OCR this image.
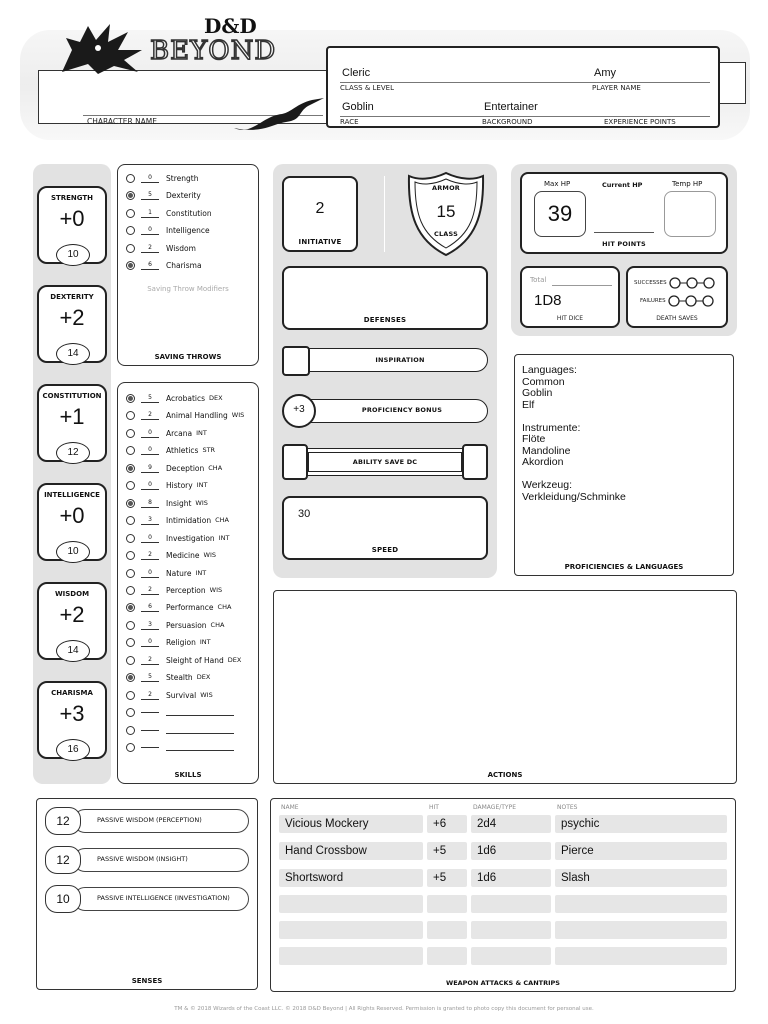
CHARACTER NAME
D&D
BEYOND
Cleric
CLASS & LEVEL
Amy
PLAYER NAME
Goblin
RACE
Entertainer
BACKGROUND	EXPERIENCE POINTS
STRENGTH
+0
10
DEXTERITY
+2
14
CONSTITUTION
+1
12
INTELLIGENCE
+0
10
WISDOM
+2
14
CHARISMA
+3
16
0	Strength
5	Dexterity
1	Constitution
0	Intelligence
2	Wisdom
6	Charisma
Saving Throw Modifiers
SAVING THROWS
5	Acrobatics DEX
2	Animal Handling WIS
0	Arcana INT
0	Athletics STR
9	Deception CHA
0	History INT
8	Insight WIS
3	Intimidation CHA
0	Investigation INT
2	Medicine WIS
0	Nature INT
2	Perception WIS
6	Performance CHA
3	Persuasion CHA
0	Religion INT
2	Sleight of Hand DEX
5	Stealth DEX
2	Survival WIS
SKILLS
2
INITIATIVE
ARMOR
15
CLASS
DEFENSES
INSPIRATION
+3	PROFICIENCY BONUS
ABILITY SAVE DC
30
SPEED
Max HP	Current HP	Temp HP
39
HIT POINTS
Total
1D8
HIT DICE
SUCCESSES
FAILURES
DEATH SAVES
Languages:
Common
Goblin
Elf
Instrumente:
Flöte
Mandoline
Akordion
Werkzeug:
Verkleidung/Schminke
PROFICIENCIES & LANGUAGES
ACTIONS
12	PASSIVE WISDOM (PERCEPTION)
12	PASSIVE WISDOM (INSIGHT)
10	PASSIVE INTELLIGENCE (INVESTIGATION)
SENSES
NAME	HIT	DAMAGE/TYPE	NOTES
Vicious Mockery	+6	2d4	psychic
Hand Crossbow	+5	1d6	Pierce
Shortsword	+5	1d6	Slash
WEAPON ATTACKS & CANTRIPS
TM & © 2018 Wizards of the Coast LLC. © 2018 D&D Beyond | All Rights Reserved. Permission is granted to photo copy this document for personal use.
